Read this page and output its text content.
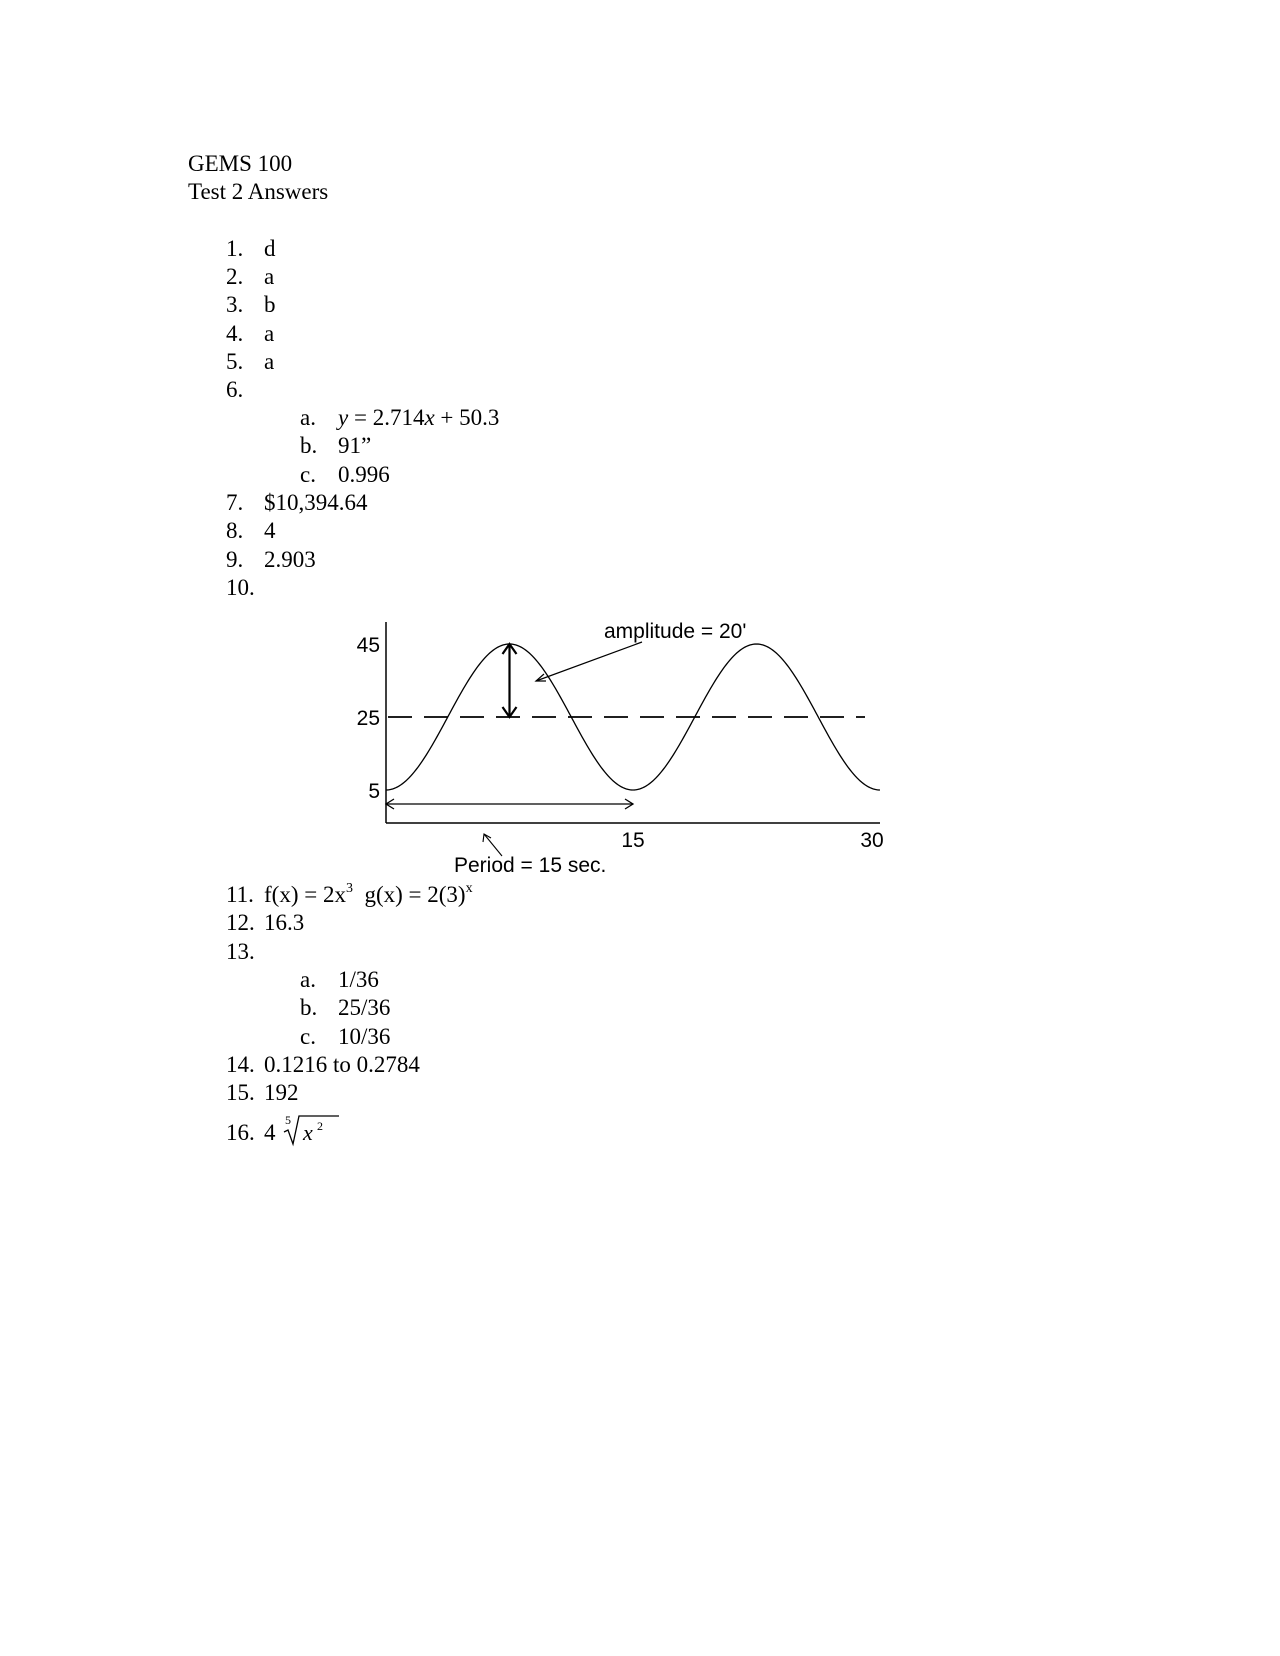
GEMS 100
Test 2 Answers
1. d
2. a
3. b
4. a
5. a
6.
a. y = 2.714x + 50.3
b. 91”
c. 0.996
7. $10,394.64
8. 4
9. 2.903
10.
5
25
45
15	30
amplitude = 20'
Period = 15 sec.
11. $f(x) = 2x^3$ $g(x) = 2(3)^x$
12. 16.3
13.
a. 1/36
b. 25/36
c. 10/36
14. 0.1216 to 0.2784
15. 192
16. 4 5 x 2
